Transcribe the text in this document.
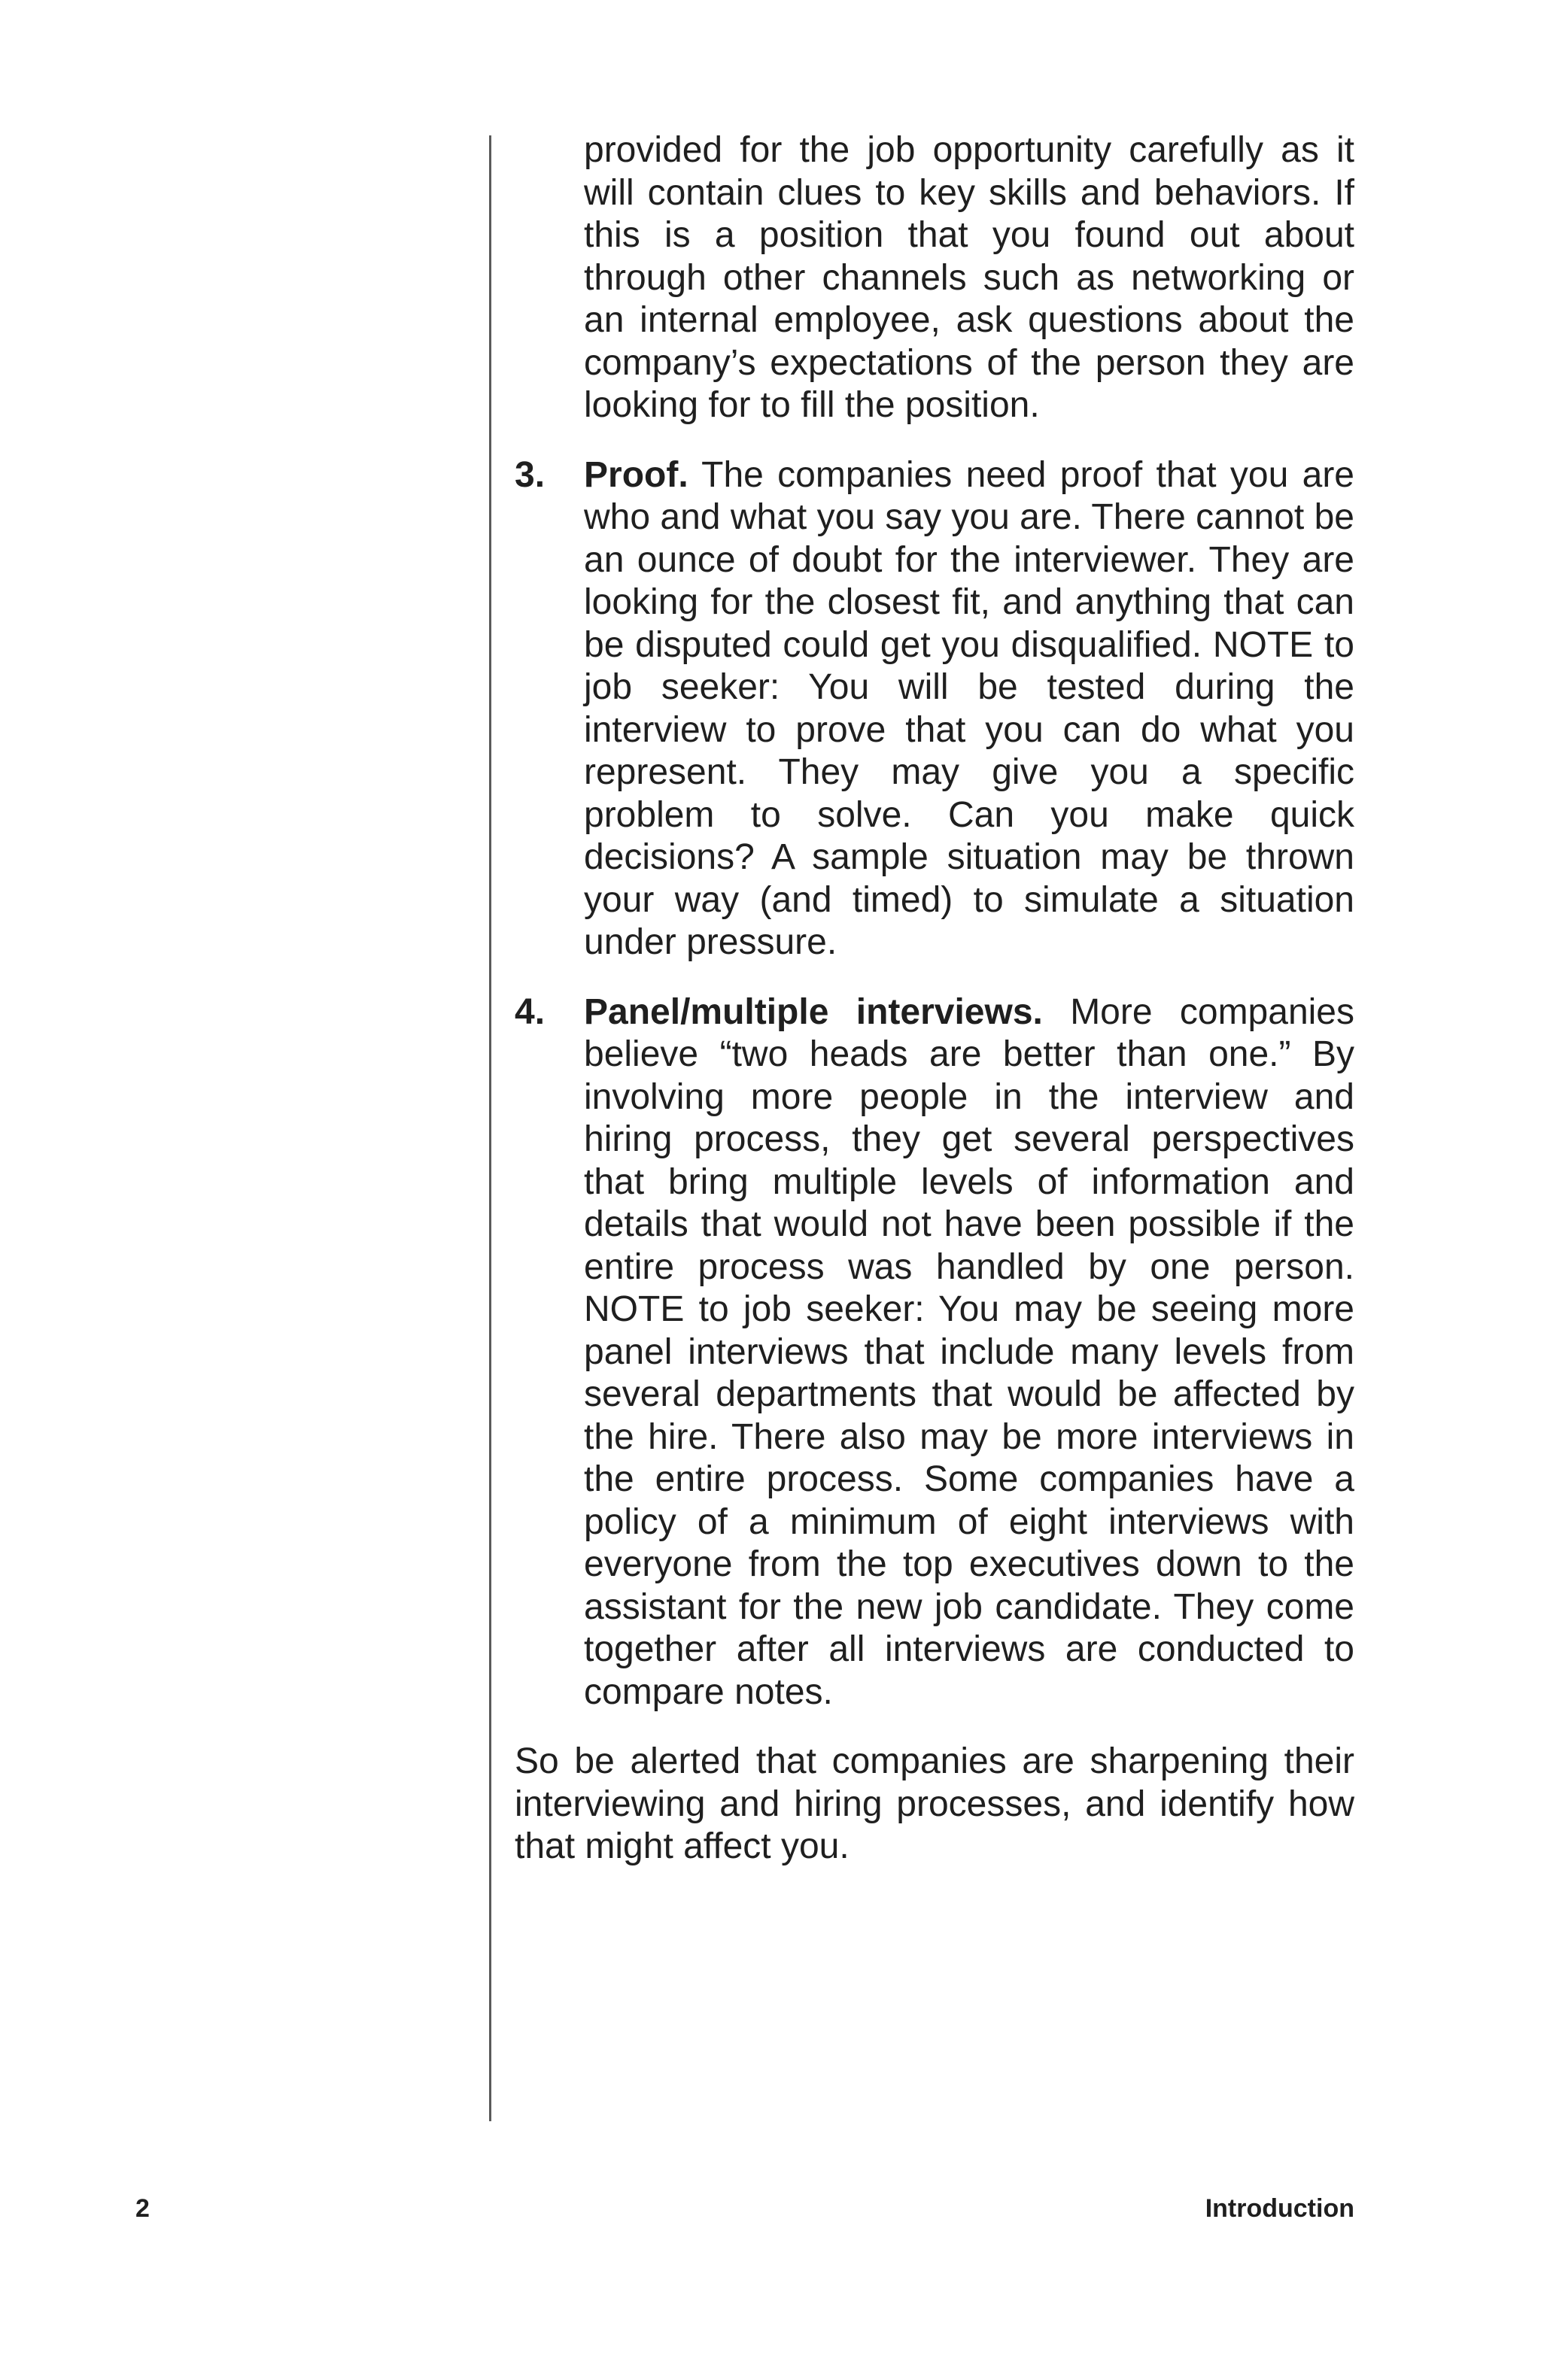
provided for the job opportunity carefully as it will contain clues to key skills and behaviors. If this is a position that you found out about through other channels such as networking or an internal employee, ask questions about the company’s expectations of the person they are looking for to fill the position.

3.	Proof. The companies need proof that you are who and what you say you are. There cannot be an ounce of doubt for the interviewer. They are looking for the closest fit, and anything that can be disputed could get you disqualified. NOTE to job seeker: You will be tested during the interview to prove that you can do what you represent. They may give you a specific problem to solve. Can you make quick decisions? A sample situation may be thrown your way (and timed) to simulate a situation under pressure.

4.	Panel/multiple interviews. More companies believe “two heads are better than one.” By involving more people in the interview and hiring process, they get several perspectives that bring multiple levels of information and details that would not have been possible if the entire process was handled by one person. NOTE to job seeker: You may be seeing more panel interviews that include many levels from several departments that would be affected by the hire. There also may be more interviews in the entire process. Some companies have a policy of a minimum of eight interviews with everyone from the top executives down to the assistant for the new job candidate. They come together after all interviews are conducted to compare notes.

So be alerted that companies are sharpening their interviewing and hiring processes, and identify how that might affect you.

2	Introduction
